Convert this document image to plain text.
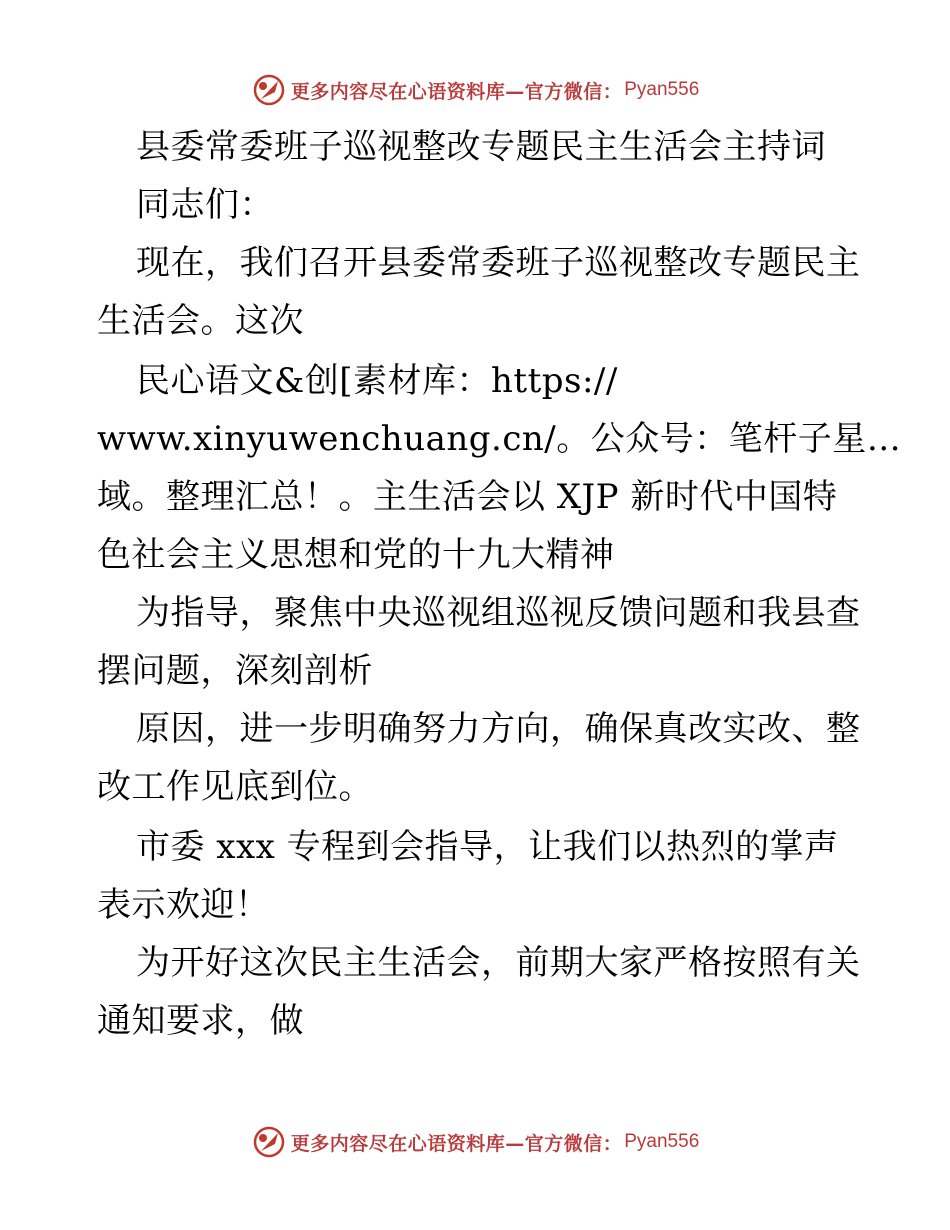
更多内容尽在心语资料库—官方微信： Pyan556
县委常委班子巡视整改专题民主生活会主持词
同志们：
现在，我们召开县委常委班子巡视整改专题民主
生活会。这次
民心语文&创[素材库：https://
www.xinyuwenchuang.cn/。公众号：笔杆子星…
域。整理汇总！。主生活会以 XJP 新时代中国特
色社会主义思想和党的十九大精神
为指导，聚焦中央巡视组巡视反馈问题和我县查
摆问题，深刻剖析
原因，进一步明确努力方向，确保真改实改、整
改工作见底到位。
市委 xxx 专程到会指导，让我们以热烈的掌声
表示欢迎！
为开好这次民主生活会，前期大家严格按照有关
通知要求，做
更多内容尽在心语资料库—官方微信： Pyan556
